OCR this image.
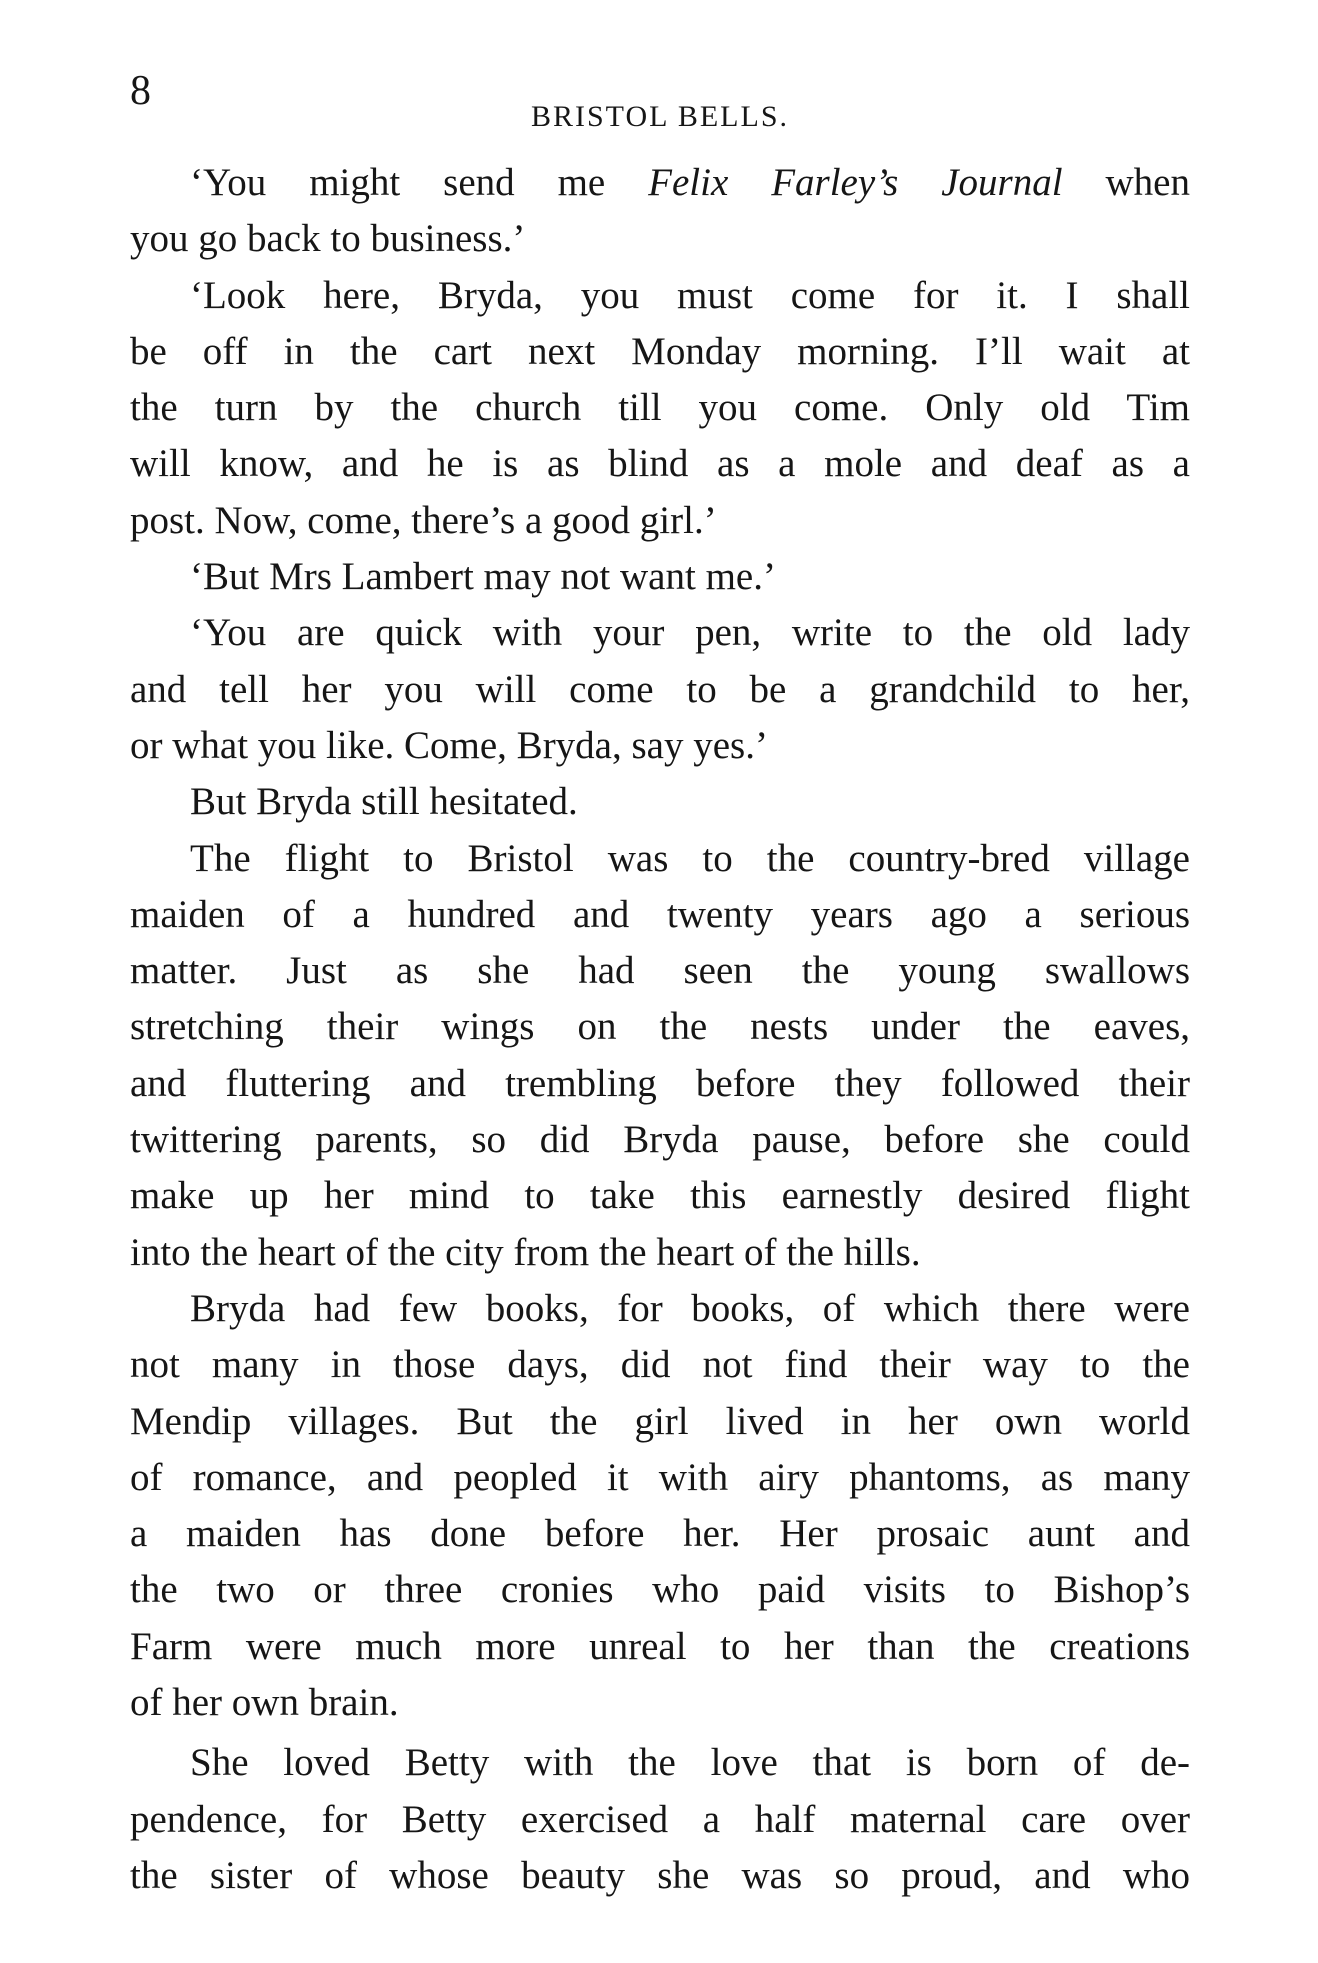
8
BRISTOL BELLS.
‘You might send me Felix Farley’s Journal when
you go back to business.’
‘Look here, Bryda, you must come for it. I shall
be off in the cart next Monday morning. I’ll wait at
the turn by the church till you come. Only old Tim
will know, and he is as blind as a mole and deaf as a
post. Now, come, there’s a good girl.’
‘But Mrs Lambert may not want me.’
‘You are quick with your pen, write to the old lady
and tell her you will come to be a grandchild to her,
or what you like. Come, Bryda, say yes.’
But Bryda still hesitated.
The flight to Bristol was to the country-bred village
maiden of a hundred and twenty years ago a serious
matter. Just as she had seen the young swallows
stretching their wings on the nests under the eaves,
and fluttering and trembling before they followed their
twittering parents, so did Bryda pause, before she could
make up her mind to take this earnestly desired flight
into the heart of the city from the heart of the hills.
Bryda had few books, for books, of which there were
not many in those days, did not find their way to the
Mendip villages. But the girl lived in her own world
of romance, and peopled it with airy phantoms, as many
a maiden has done before her. Her prosaic aunt and
the two or three cronies who paid visits to Bishop’s
Farm were much more unreal to her than the creations
of her own brain.
She loved Betty with the love that is born of de-
pendence, for Betty exercised a half maternal care over
the sister of whose beauty she was so proud, and who
